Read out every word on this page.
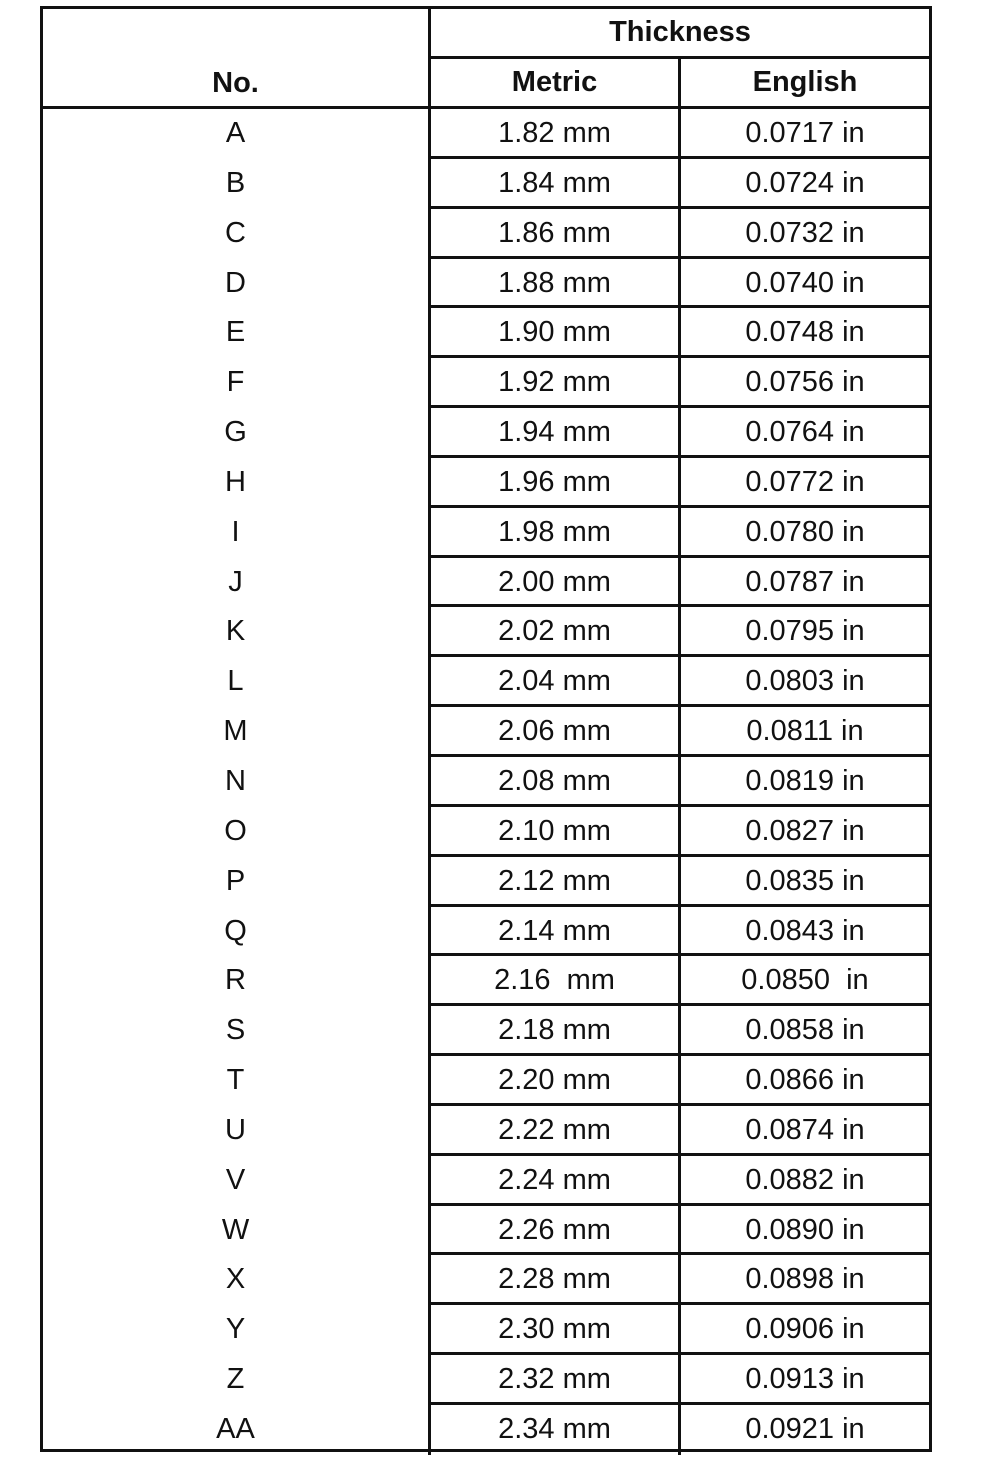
No.
Thickness
Metric	English
A	1.82 mm	0.0717 in
B	1.84 mm	0.0724 in
C	1.86 mm	0.0732 in
D	1.88 mm	0.0740 in
E	1.90 mm	0.0748 in
F	1.92 mm	0.0756 in
G	1.94 mm	0.0764 in
H	1.96 mm	0.0772 in
I	1.98 mm	0.0780 in
J	2.00 mm	0.0787 in
K	2.02 mm	0.0795 in
L	2.04 mm	0.0803 in
M	2.06 mm	0.0811 in
N	2.08 mm	0.0819 in
O	2.10 mm	0.0827 in
P	2.12 mm	0.0835 in
Q	2.14 mm	0.0843 in
R	2.16  mm	0.0850  in
S	2.18 mm	0.0858 in
T	2.20 mm	0.0866 in
U	2.22 mm	0.0874 in
V	2.24 mm	0.0882 in
W	2.26 mm	0.0890 in
X	2.28 mm	0.0898 in
Y	2.30 mm	0.0906 in
Z	2.32 mm	0.0913 in
AA	2.34 mm	0.0921 in
